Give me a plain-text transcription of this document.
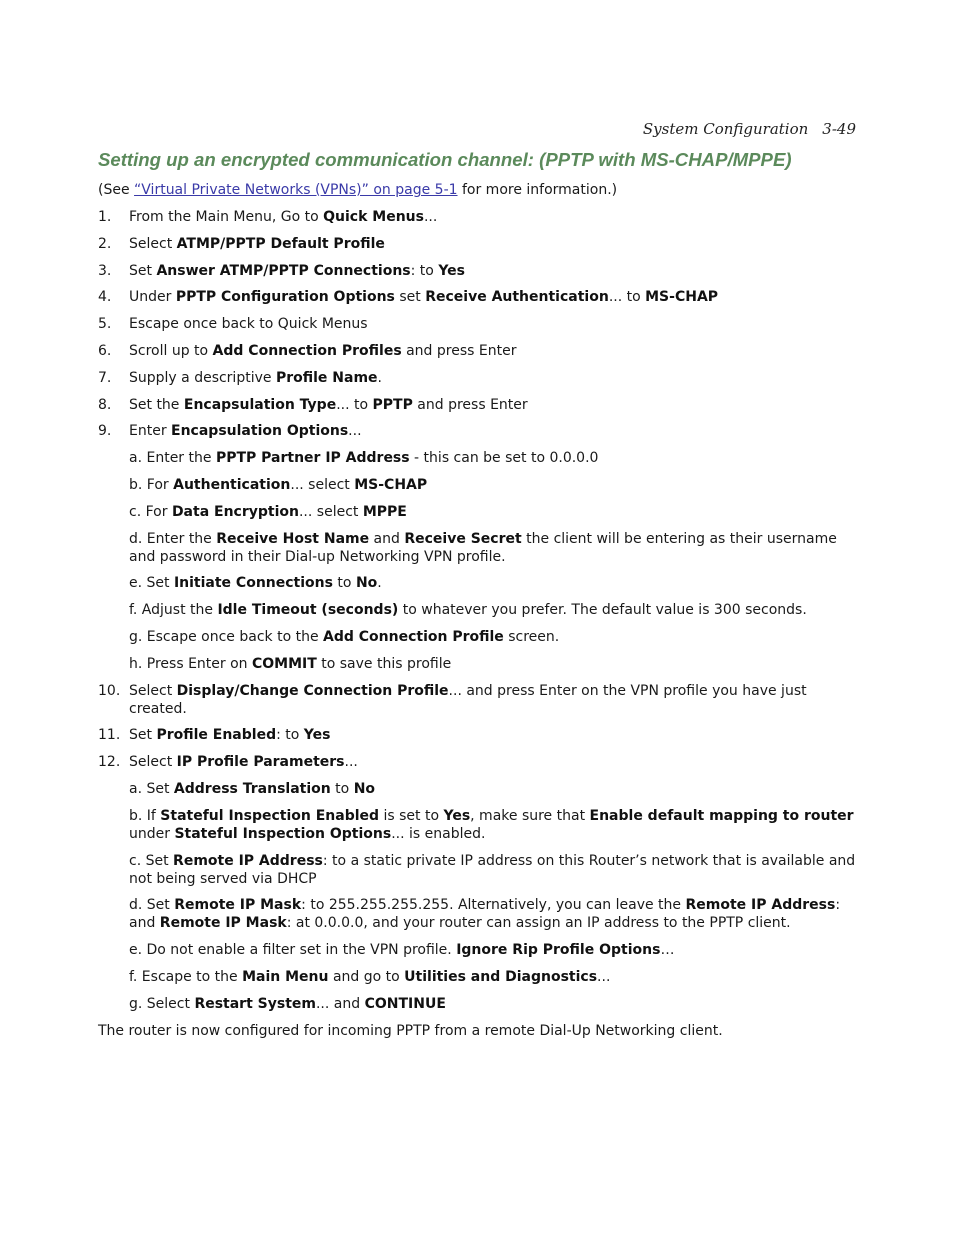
System Configuration 3-49
Setting up an encrypted communication channel: (PPTP with MS-CHAP/MPPE)
(See “Virtual Private Networks (VPNs)” on page 5-1 for more information.)
1. From the Main Menu, Go to Quick Menus...
2. Select ATMP/PPTP Default Profile
3. Set Answer ATMP/PPTP Connections: to Yes
4. Under PPTP Configuration Options set Receive Authentication... to MS-CHAP
5. Escape once back to Quick Menus
6. Scroll up to Add Connection Profiles and press Enter
7. Supply a descriptive Profile Name.
8. Set the Encapsulation Type... to PPTP and press Enter
9. Enter Encapsulation Options...
a. Enter the PPTP Partner IP Address - this can be set to 0.0.0.0
b. For Authentication... select MS-CHAP
c. For Data Encryption... select MPPE
d. Enter the Receive Host Name and Receive Secret the client will be entering as their username and password in their Dial-up Networking VPN profile.
e. Set Initiate Connections to No.
f. Adjust the Idle Timeout (seconds) to whatever you prefer. The default value is 300 seconds.
g. Escape once back to the Add Connection Profile screen.
h. Press Enter on COMMIT to save this profile
10. Select Display/Change Connection Profile... and press Enter on the VPN profile you have just created.
11. Set Profile Enabled: to Yes
12. Select IP Profile Parameters...
a. Set Address Translation to No
b. If Stateful Inspection Enabled is set to Yes, make sure that Enable default mapping to router under Stateful Inspection Options... is enabled.
c. Set Remote IP Address: to a static private IP address on this Router’s network that is available and not being served via DHCP
d. Set Remote IP Mask: to 255.255.255.255. Alternatively, you can leave the Remote IP Address: and Remote IP Mask: at 0.0.0.0, and your router can assign an IP address to the PPTP client.
e. Do not enable a filter set in the VPN profile. Ignore Rip Profile Options…
f. Escape to the Main Menu and go to Utilities and Diagnostics...
g. Select Restart System... and CONTINUE
The router is now configured for incoming PPTP from a remote Dial-Up Networking client.
